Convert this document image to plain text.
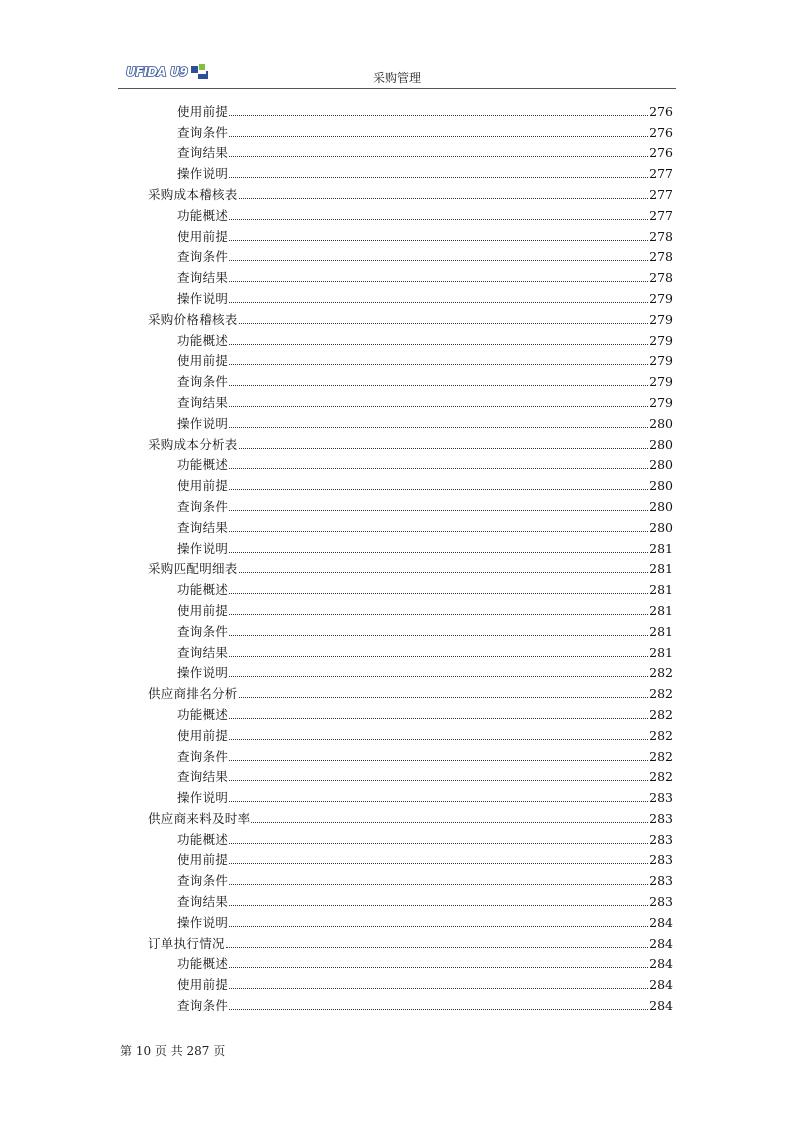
UFIDA U9	采购管理
使用前提	276
查询条件	276
查询结果	276
操作说明	277
采购成本稽核表	277
功能概述	277
使用前提	278
查询条件	278
查询结果	278
操作说明	279
采购价格稽核表	279
功能概述	279
使用前提	279
查询条件	279
查询结果	279
操作说明	280
采购成本分析表	280
功能概述	280
使用前提	280
查询条件	280
查询结果	280
操作说明	281
采购匹配明细表	281
功能概述	281
使用前提	281
查询条件	281
查询结果	281
操作说明	282
供应商排名分析	282
功能概述	282
使用前提	282
查询条件	282
查询结果	282
操作说明	283
供应商来料及时率	283
功能概述	283
使用前提	283
查询条件	283
查询结果	283
操作说明	284
订单执行情况	284
功能概述	284
使用前提	284
查询条件	284
第 10 页 共 287 页
